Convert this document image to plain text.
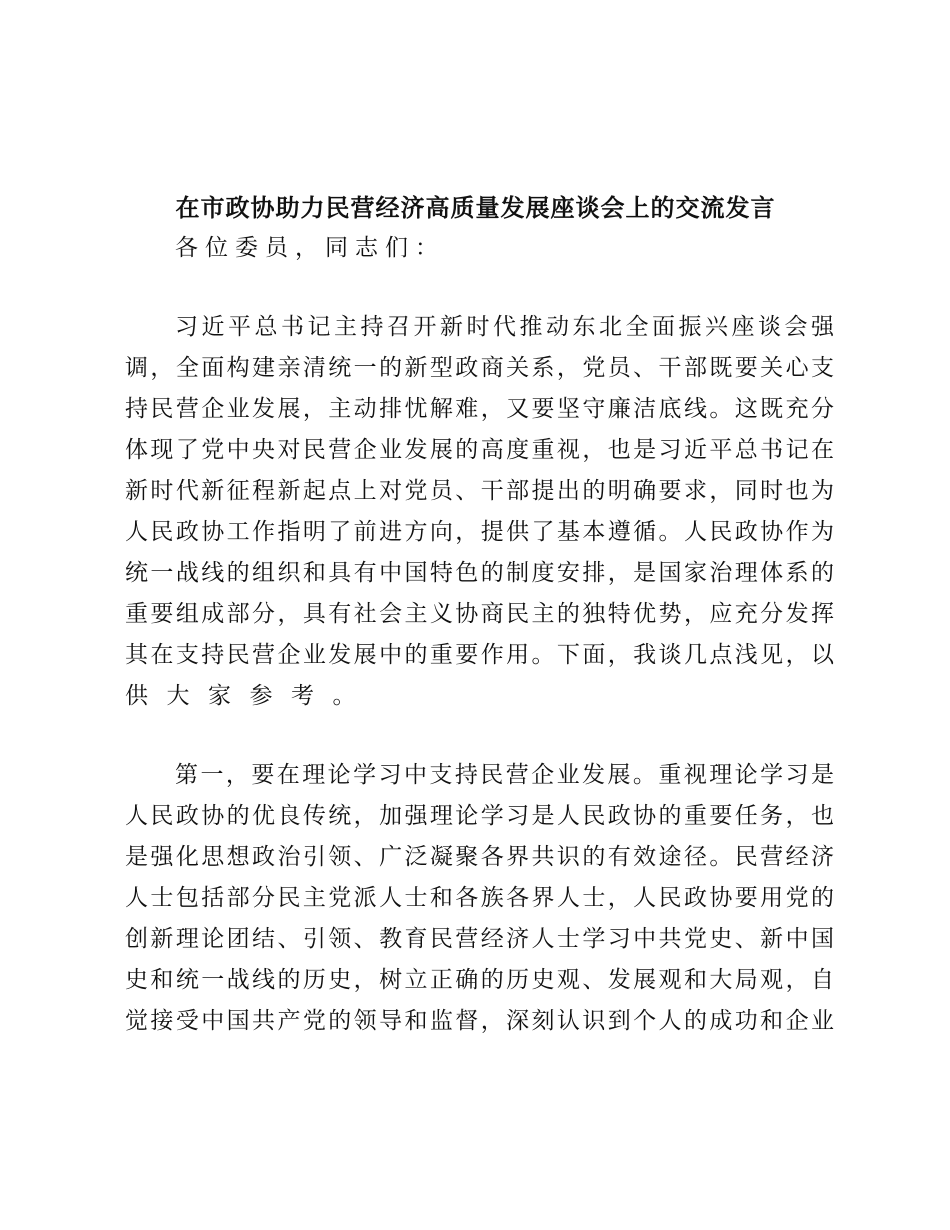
在市政协助力民营经济高质量发展座谈会上的交流发言
各位委员，同志们：
习近平总书记主持召开新时代推动东北全面振兴座谈会强
调，全面构建亲清统一的新型政商关系，党员、干部既要关心支
持民营企业发展，主动排忧解难，又要坚守廉洁底线。这既充分
体现了党中央对民营企业发展的高度重视，也是习近平总书记在
新时代新征程新起点上对党员、干部提出的明确要求，同时也为
人民政协工作指明了前进方向，提供了基本遵循。人民政协作为
统一战线的组织和具有中国特色的制度安排，是国家治理体系的
重要组成部分，具有社会主义协商民主的独特优势，应充分发挥
其在支持民营企业发展中的重要作用。下面，我谈几点浅见，以
供大家参考。
第一，要在理论学习中支持民营企业发展。重视理论学习是
人民政协的优良传统，加强理论学习是人民政协的重要任务，也
是强化思想政治引领、广泛凝聚各界共识的有效途径。民营经济
人士包括部分民主党派人士和各族各界人士，人民政协要用党的
创新理论团结、引领、教育民营经济人士学习中共党史、新中国
史和统一战线的历史，树立正确的历史观、发展观和大局观，自
觉接受中国共产党的领导和监督，深刻认识到个人的成功和企业
